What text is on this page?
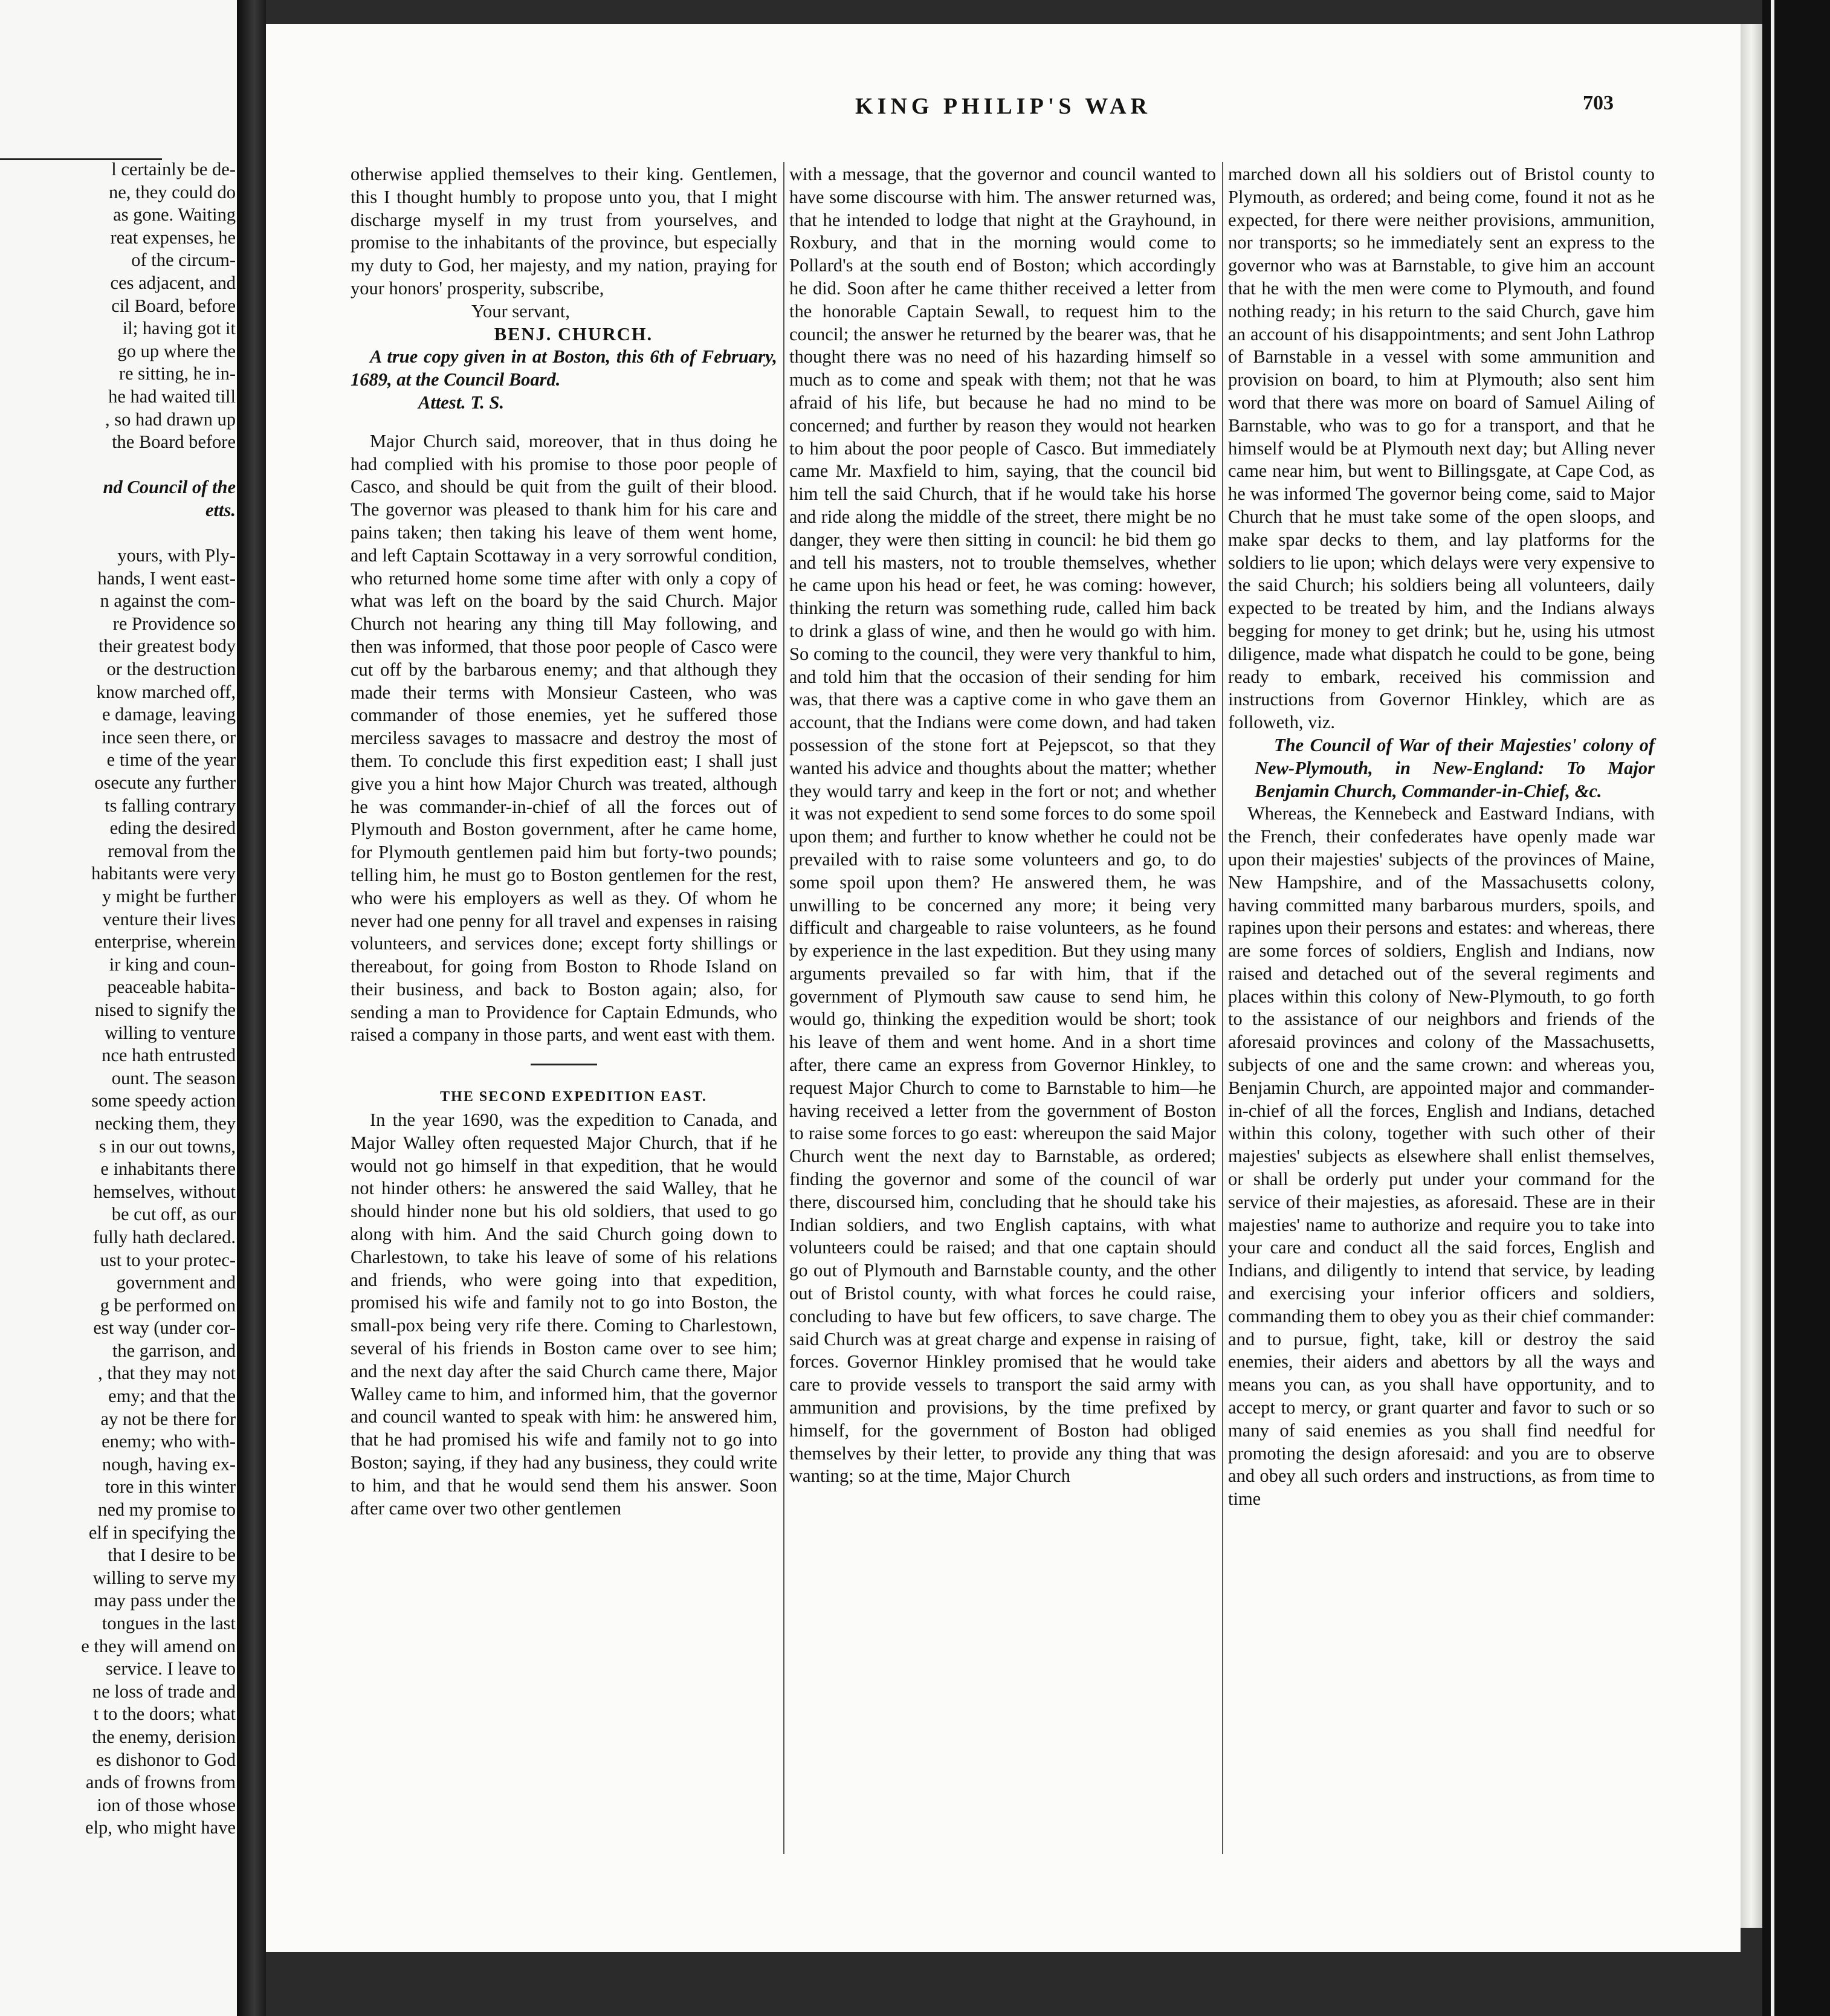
l certainly be de-
ne, they could do
as gone. Waiting
reat expenses, he
of the circum-
ces adjacent, and
cil Board, before
il; having got it
go up where the
re sitting, he in-
he had waited till
, so had drawn up
the Board before

nd Council of the
etts.

yours, with Ply-
hands, I went east-
n against the com-
re Providence so
their greatest body
or the destruction
know marched off,
e damage, leaving
ince seen there, or
e time of the year
osecute any further
ts falling contrary
eding the desired
removal from the
habitants were very
y might be further
venture their lives
enterprise, wherein
ir king and coun-
peaceable habita-
nised to signify the
willing to venture
nce hath entrusted
ount. The season
some speedy action
necking them, they
s in our out towns,
e inhabitants there
hemselves, without
be cut off, as our
fully hath declared.
ust to your protec-
government and
g be performed on
est way (under cor-
the garrison, and
, that they may not
emy; and that the
ay not be there for
enemy; who with-
nough, having ex-
tore in this winter
ned my promise to
elf in specifying the
that I desire to be
willing to serve my
may pass under the
tongues in the last
e they will amend on
service. I leave to
ne loss of trade and
t to the doors; what
the enemy, derision
es dishonor to God
ands of frowns from
ion of those whose
elp, who might have
KING PHILIP'S WAR	703

otherwise applied themselves to their king. Gentlemen, this I thought humbly to propose unto you, that I might discharge myself in my trust from yourselves, and promise to the inhabitants of the province, but especially my duty to God, her majesty, and my nation, praying for your honors' prosperity, subscribe,

Your servant,

BENJ. CHURCH.

A true copy given in at Boston, this 6th of February, 1689, at the Council Board.

Attest. T. S.

Major Church said, moreover, that in thus doing he had complied with his promise to those poor people of Casco, and should be quit from the guilt of their blood. The governor was pleased to thank him for his care and pains taken; then taking his leave of them went home, and left Captain Scottaway in a very sorrowful condition, who returned home some time after with only a copy of what was left on the board by the said Church. Major Church not hearing any thing till May following, and then was informed, that those poor people of Casco were cut off by the barbarous enemy; and that although they made their terms with Monsieur Casteen, who was commander of those enemies, yet he suffered those merciless savages to massacre and destroy the most of them. To conclude this first expedition east; I shall just give you a hint how Major Church was treated, although he was commander-in-chief of all the forces out of Plymouth and Boston government, after he came home, for Plymouth gentlemen paid him but forty-two pounds; telling him, he must go to Boston gentlemen for the rest, who were his employers as well as they. Of whom he never had one penny for all travel and expenses in raising volunteers, and services done; except forty shillings or thereabout, for going from Boston to Rhode Island on their business, and back to Boston again; also, for sending a man to Providence for Captain Edmunds, who raised a company in those parts, and went east with them.

THE SECOND EXPEDITION EAST.

In the year 1690, was the expedition to Canada, and Major Walley often requested Major Church, that if he would not go himself in that expedition, that he would not hinder others: he answered the said Walley, that he should hinder none but his old soldiers, that used to go along with him. And the said Church going down to Charlestown, to take his leave of some of his relations and friends, who were going into that expedition, promised his wife and family not to go into Boston, the small-pox being very rife there. Coming to Charlestown, several of his friends in Boston came over to see him; and the next day after the said Church came there, Major Walley came to him, and informed him, that the governor and council wanted to speak with him: he answered him, that he had promised his wife and family not to go into Boston; saying, if they had any business, they could write to him, and that he would send them his answer. Soon after came over two other gentlemen

with a message, that the governor and council wanted to have some discourse with him. The answer returned was, that he intended to lodge that night at the Grayhound, in Roxbury, and that in the morning would come to Pollard's at the south end of Boston; which accordingly he did. Soon after he came thither received a letter from the honorable Captain Sewall, to request him to the council; the answer he returned by the bearer was, that he thought there was no need of his hazarding himself so much as to come and speak with them; not that he was afraid of his life, but because he had no mind to be concerned; and further by reason they would not hearken to him about the poor people of Casco. But immediately came Mr. Maxfield to him, saying, that the council bid him tell the said Church, that if he would take his horse and ride along the middle of the street, there might be no danger, they were then sitting in council: he bid them go and tell his masters, not to trouble themselves, whether he came upon his head or feet, he was coming: however, thinking the return was something rude, called him back to drink a glass of wine, and then he would go with him. So coming to the council, they were very thankful to him, and told him that the occasion of their sending for him was, that there was a captive come in who gave them an account, that the Indians were come down, and had taken possession of the stone fort at Pejepscot, so that they wanted his advice and thoughts about the matter; whether they would tarry and keep in the fort or not; and whether it was not expedient to send some forces to do some spoil upon them; and further to know whether he could not be prevailed with to raise some volunteers and go, to do some spoil upon them? He answered them, he was unwilling to be concerned any more; it being very difficult and chargeable to raise volunteers, as he found by experience in the last expedition. But they using many arguments prevailed so far with him, that if the government of Plymouth saw cause to send him, he would go, thinking the expedition would be short; took his leave of them and went home. And in a short time after, there came an express from Governor Hinkley, to request Major Church to come to Barnstable to him—he having received a letter from the government of Boston to raise some forces to go east: whereupon the said Major Church went the next day to Barnstable, as ordered; finding the governor and some of the council of war there, discoursed him, concluding that he should take his Indian soldiers, and two English captains, with what volunteers could be raised; and that one captain should go out of Plymouth and Barnstable county, and the other out of Bristol county, with what forces he could raise, concluding to have but few officers, to save charge. The said Church was at great charge and expense in raising of forces. Governor Hinkley promised that he would take care to provide vessels to transport the said army with ammunition and provisions, by the time prefixed by himself, for the government of Boston had obliged themselves by their letter, to provide any thing that was wanting; so at the time, Major Church

marched down all his soldiers out of Bristol county to Plymouth, as ordered; and being come, found it not as he expected, for there were neither provisions, ammunition, nor transports; so he immediately sent an express to the governor who was at Barnstable, to give him an account that he with the men were come to Plymouth, and found nothing ready; in his return to the said Church, gave him an account of his disappointments; and sent John Lathrop of Barnstable in a vessel with some ammunition and provision on board, to him at Plymouth; also sent him word that there was more on board of Samuel Ailing of Barnstable, who was to go for a transport, and that he himself would be at Plymouth next day; but Alling never came near him, but went to Billingsgate, at Cape Cod, as he was informed The governor being come, said to Major Church that he must take some of the open sloops, and make spar decks to them, and lay platforms for the soldiers to lie upon; which delays were very expensive to the said Church; his soldiers being all volunteers, daily expected to be treated by him, and the Indians always begging for money to get drink; but he, using his utmost diligence, made what dispatch he could to be gone, being ready to embark, received his commission and instructions from Governor Hinkley, which are as followeth, viz.

The Council of War of their Majesties' colony of New-Plymouth, in New-England: To Major Benjamin Church, Commander-in-Chief, &c.

Whereas, the Kennebeck and Eastward Indians, with the French, their confederates have openly made war upon their majesties' subjects of the provinces of Maine, New Hampshire, and of the Massachusetts colony, having committed many barbarous murders, spoils, and rapines upon their persons and estates: and whereas, there are some forces of soldiers, English and Indians, now raised and detached out of the several regiments and places within this colony of New-Plymouth, to go forth to the assistance of our neighbors and friends of the aforesaid provinces and colony of the Massachusetts, subjects of one and the same crown: and whereas you, Benjamin Church, are appointed major and commander-in-chief of all the forces, English and Indians, detached within this colony, together with such other of their majesties' subjects as elsewhere shall enlist themselves, or shall be orderly put under your command for the service of their majesties, as aforesaid. These are in their majesties' name to authorize and require you to take into your care and conduct all the said forces, English and Indians, and diligently to intend that service, by leading and exercising your inferior officers and soldiers, commanding them to obey you as their chief commander: and to pursue, fight, take, kill or destroy the said enemies, their aiders and abettors by all the ways and means you can, as you shall have opportunity, and to accept to mercy, or grant quarter and favor to such or so many of said enemies as you shall find needful for promoting the design aforesaid: and you are to observe and obey all such orders and instructions, as from time to time
